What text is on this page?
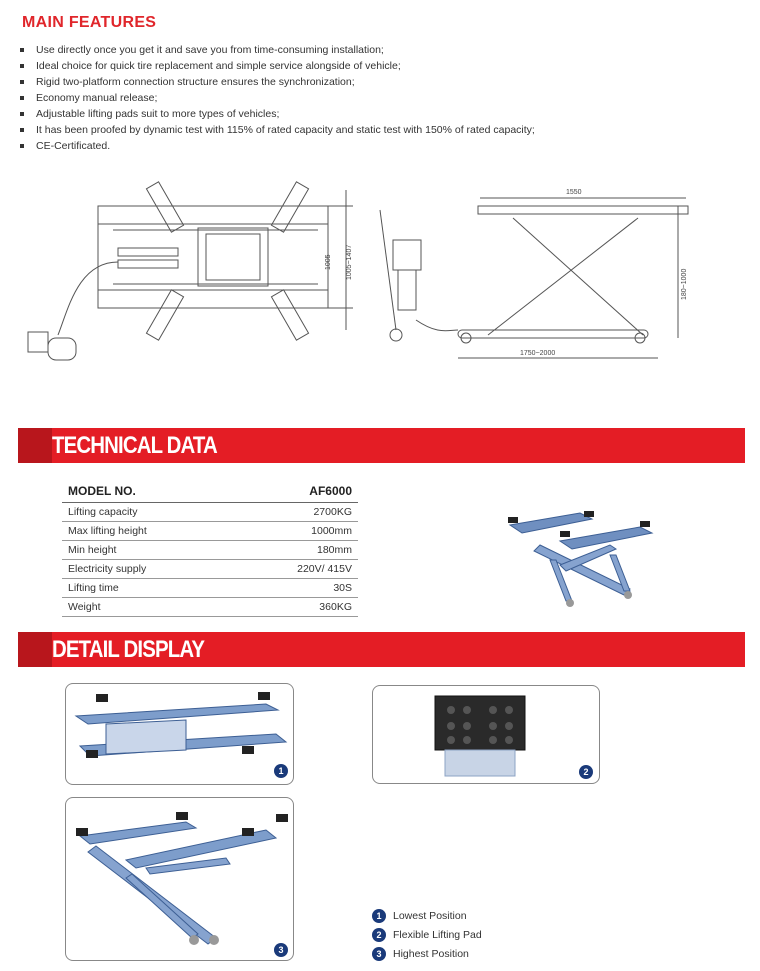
MAIN FEATURES
Use directly once you get it and save you from time-consuming installation;
Ideal choice for quick tire replacement and simple service alongside of vehicle;
Rigid two-platform connection structure ensures the synchronization;
Economy manual release;
Adjustable lifting pads suit to more types of vehicles;
It has been proofed by dynamic test with 115% of rated capacity and static test with 150% of rated capacity;
CE-Certificated.
1005 1005~1407
1550
180~1000
1750~2000
TECHNICAL DATA
MODEL NO.	AF6000
Lifting capacity	2700KG
Max lifting height	1000mm
Min height	180mm
Electricity supply	220V/ 415V
Lifting time	30S
Weight	360KG
DETAIL DISPLAY
1	2
3
1	Lowest Position
2	Flexible Lifting Pad
3	Highest Position
